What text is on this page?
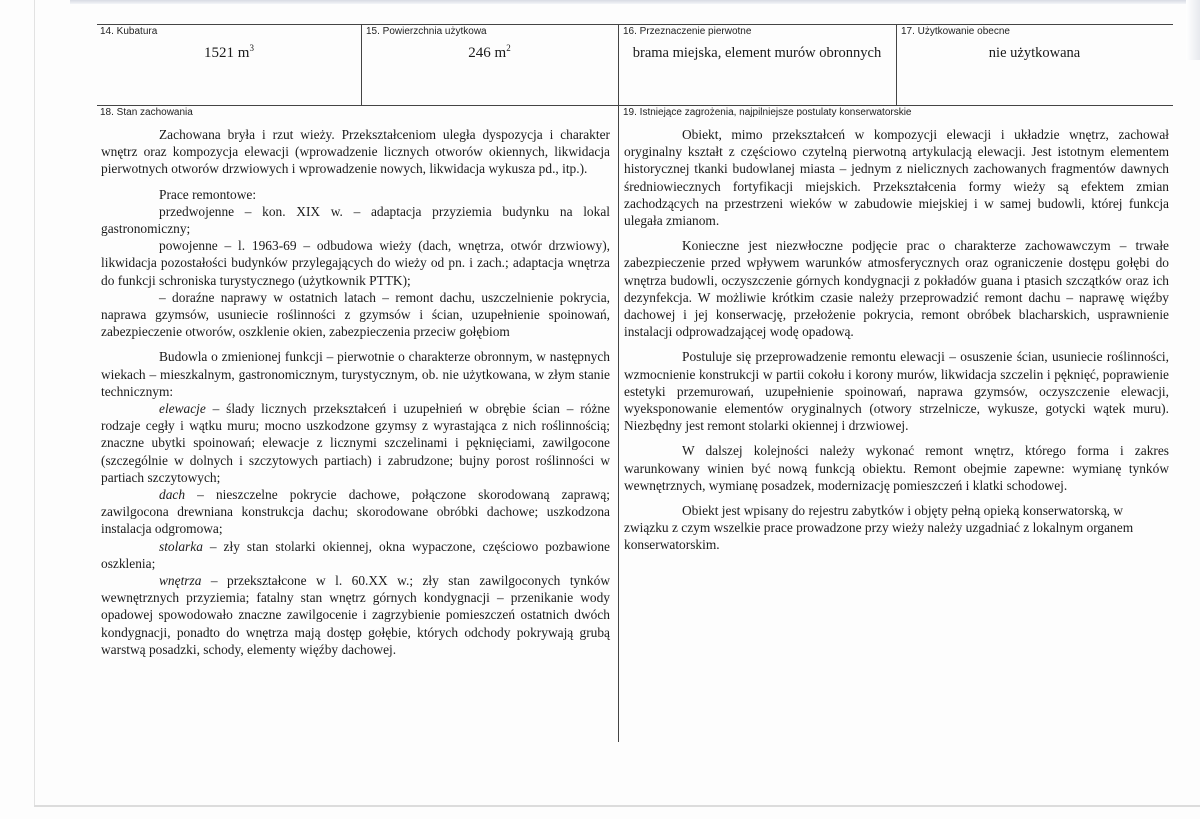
14. Kubatura
1521 $m^3$
15. Powierzchnia użytkowa
246 $m^2$
16. Przeznaczenie pierwotne
brama miejska, element murów obronnych
17. Użytkowanie obecne
nie użytkowana
18. Stan zachowania

Zachowana bryła i rzut wieży. Przekształceniom uległa dyspozycja i charakter wnętrz oraz kompozycja elewacji (wprowadzenie licznych otworów okiennych, likwidacja pierwotnych otworów drzwiowych i wprowadzenie nowych, likwidacja wykusza pd., itp.).

Prace remontowe:

przedwojenne – kon. XIX w. – adaptacja przyziemia budynku na lokal gastronomiczny;

powojenne – l. 1963-69 – odbudowa wieży (dach, wnętrza, otwór drzwiowy), likwidacja pozostałości budynków przylegających do wieży od pn. i zach.; adaptacja wnętrza do funkcji schroniska turystycznego (użytkownik PTTK);

– doraźne naprawy w ostatnich latach – remont dachu, uszczelnienie pokrycia, naprawa gzymsów, usuniecie roślinności z gzymsów i ścian, uzupełnienie spoinowań, zabezpieczenie otworów, oszklenie okien, zabezpieczenia przeciw gołębiom

Budowla o zmienionej funkcji – pierwotnie o charakterze obronnym, w następnych wiekach – mieszkalnym, gastronomicznym, turystycznym, ob. nie użytkowana, w złym stanie technicznym:

elewacje – ślady licznych przekształceń i uzupełnień w obrębie ścian – różne rodzaje cegły i wątku muru; mocno uszkodzone gzymsy z wyrastająca z nich roślinnością; znaczne ubytki spoinowań; elewacje z licznymi szczelinami i pęknięciami, zawilgocone (szczególnie w dolnych i szczytowych partiach) i zabrudzone; bujny porost roślinności w partiach szczytowych;

dach – nieszczelne pokrycie dachowe, połączone skorodowaną zaprawą; zawilgocona drewniana konstrukcja dachu; skorodowane obróbki dachowe; uszkodzona instalacja odgromowa;

stolarka – zły stan stolarki okiennej, okna wypaczone, częściowo pozbawione oszklenia;

wnętrza – przekształcone w l. 60.XX w.; zły stan zawilgoconych tynków wewnętrznych przyziemia; fatalny stan wnętrz górnych kondygnacji – przenikanie wody opadowej spowodowało znaczne zawilgocenie i zagrzybienie pomieszczeń ostatnich dwóch kondygnacji, ponadto do wnętrza mają dostęp gołębie, których odchody pokrywają grubą warstwą posadzki, schody, elementy więźby dachowej.

19. Istniejące zagrożenia, najpilniejsze postulaty konserwatorskie

Obiekt, mimo przekształceń w kompozycji elewacji i układzie wnętrz, zachował oryginalny kształt z częściowo czytelną pierwotną artykulacją elewacji. Jest istotnym elementem historycznej tkanki budowlanej miasta – jednym z nielicznych zachowanych fragmentów dawnych średniowiecznych fortyfikacji miejskich. Przekształcenia formy wieży są efektem zmian zachodzących na przestrzeni wieków w zabudowie miejskiej i w samej budowli, której funkcja ulegała zmianom.

Konieczne jest niezwłoczne podjęcie prac o charakterze zachowawczym – trwałe zabezpieczenie przed wpływem warunków atmosferycznych oraz ograniczenie dostępu gołębi do wnętrza budowli, oczyszczenie górnych kondygnacji z pokładów guana i ptasich szczątków oraz ich dezynfekcja. W możliwie krótkim czasie należy przeprowadzić remont dachu – naprawę więźby dachowej i jej konserwację, przełożenie pokrycia, remont obróbek blacharskich, usprawnienie instalacji odprowadzającej wodę opadową.

Postuluje się przeprowadzenie remontu elewacji – osuszenie ścian, usuniecie roślinności, wzmocnienie konstrukcji w partii cokołu i korony murów, likwidacja szczelin i pęknięć, poprawienie estetyki przemurowań, uzupełnienie spoinowań, naprawa gzymsów, oczyszczenie elewacji, wyeksponowanie elementów oryginalnych (otwory strzelnicze, wykusze, gotycki wątek muru). Niezbędny jest remont stolarki okiennej i drzwiowej.

W dalszej kolejności należy wykonać remont wnętrz, którego forma i zakres warunkowany winien być nową funkcją obiektu. Remont obejmie zapewne: wymianę tynków wewnętrznych, wymianę posadzek, modernizację pomieszczeń i klatki schodowej.

Obiekt jest wpisany do rejestru zabytków i objęty pełną opieką konserwatorską, w związku z czym wszelkie prace prowadzone przy wieży należy uzgadniać z lokalnym organem konserwatorskim.
